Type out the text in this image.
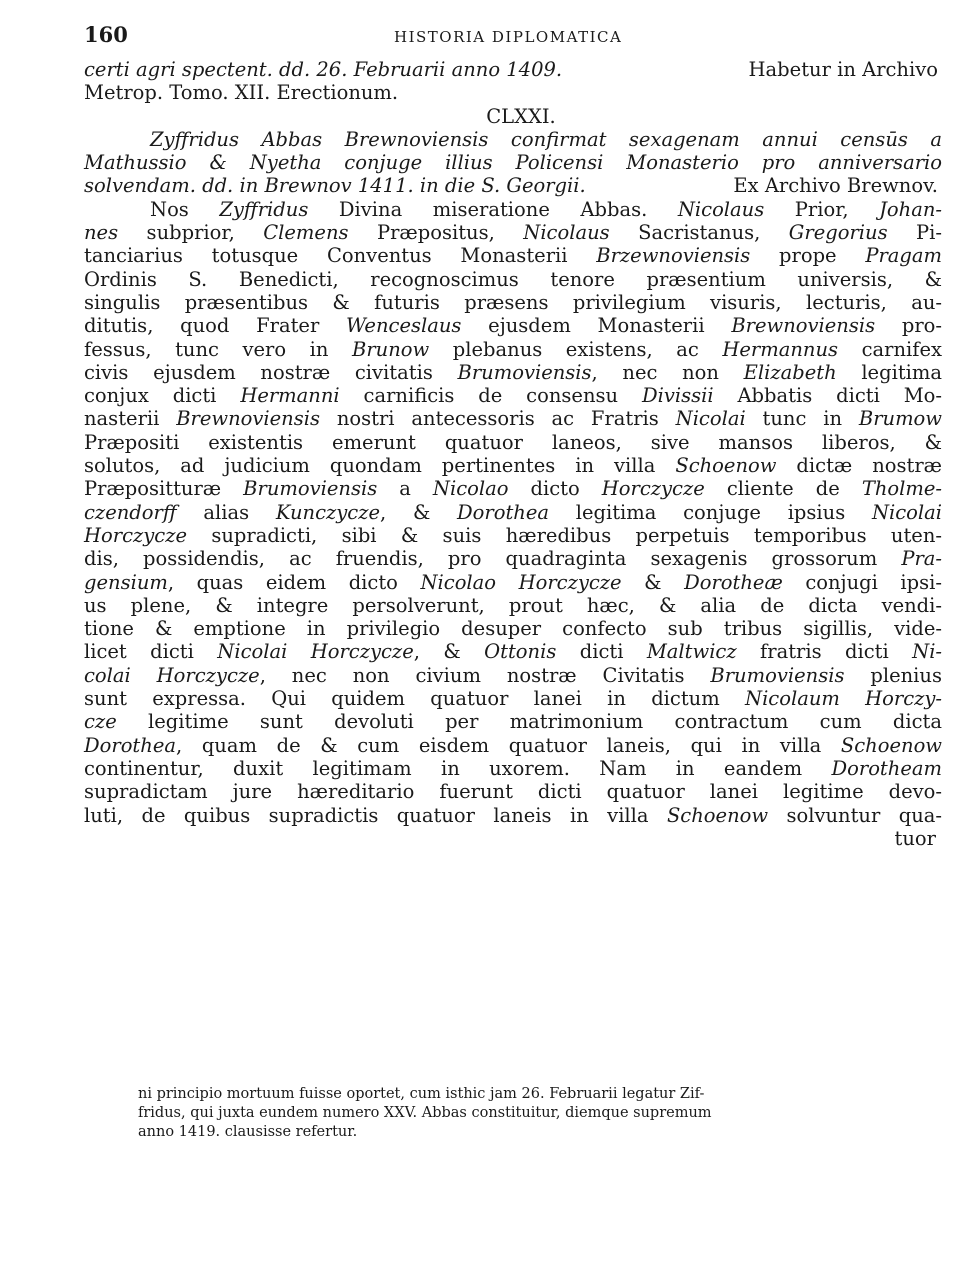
160	HISTORIA DIPLOMATICA
certi agri spectent. dd. 26. Februarii anno 1409.	Habetur in Archivo
Metrop. Tomo. XII. Erectionum.
CLXXI.
Zyffridus Abbas Brewnoviensis confirmat sexagenam annui censūs a
Mathussio & Nyetha conjuge illius Policensi Monasterio pro anniversario
solvendam. dd. in Brewnov 1411. in die S. Georgii.	Ex Archivo Brewnov.
Nos Zyffridus Divina miseratione Abbas. Nicolaus Prior, Johan-
nes subprior, Clemens Præpositus, Nicolaus Sacristanus, Gregorius Pi-
tanciarius totusque Conventus Monasterii Brzewnoviensis prope Pragam
Ordinis S. Benedicti, recognoscimus tenore præsentium universis, &
singulis præsentibus & futuris præsens privilegium visuris, lecturis, au-
ditutis, quod Frater Wenceslaus ejusdem Monasterii Brewnoviensis pro-
fessus, tunc vero in Brunow plebanus existens, ac Hermannus carnifex
civis ejusdem nostræ civitatis Brumoviensis, nec non Elizabeth legitima
conjux dicti Hermanni carnificis de consensu Divissii Abbatis dicti Mo-
nasterii Brewnoviensis nostri antecessoris ac Fratris Nicolai tunc in Brumow
Præpositi existentis emerunt quatuor laneos, sive mansos liberos, &
solutos, ad judicium quondam pertinentes in villa Schoenow dictæ nostræ
Præpositturæ Brumoviensis a Nicolao dicto Horczycze cliente de Tholme-
czendorff alias Kunczycze, & Dorothea legitima conjuge ipsius Nicolai
Horczycze supradicti, sibi & suis hæredibus perpetuis temporibus uten-
dis, possidendis, ac fruendis, pro quadraginta sexagenis grossorum Pra-
gensium, quas eidem dicto Nicolao Horczycze & Dorotheæ conjugi ipsi-
us plene, & integre persolverunt, prout hæc, & alia de dicta vendi-
tione & emptione in privilegio desuper confecto sub tribus sigillis, vide-
licet dicti Nicolai Horczycze, & Ottonis dicti Maltwicz fratris dicti Ni-
colai Horczycze, nec non civium nostræ Civitatis Brumoviensis plenius
sunt expressa. Qui quidem quatuor lanei in dictum Nicolaum Horczy-
cze legitime sunt devoluti per matrimonium contractum cum dicta
Dorothea, quam de & cum eisdem quatuor laneis, qui in villa Schoenow
continentur, duxit legitimam in uxorem. Nam in eandem Dorotheam
supradictam jure hæreditario fuerunt dicti quatuor lanei legitime devo-
luti, de quibus supradictis quatuor laneis in villa Schoenow solvuntur qua-
tuor
ni principio mortuum fuisse oportet, cum isthic jam 26. Februarii legatur Zif-
fridus, qui juxta eundem numero XXV. Abbas constituitur, diemque supremum
anno 1419. clausisse refertur.
